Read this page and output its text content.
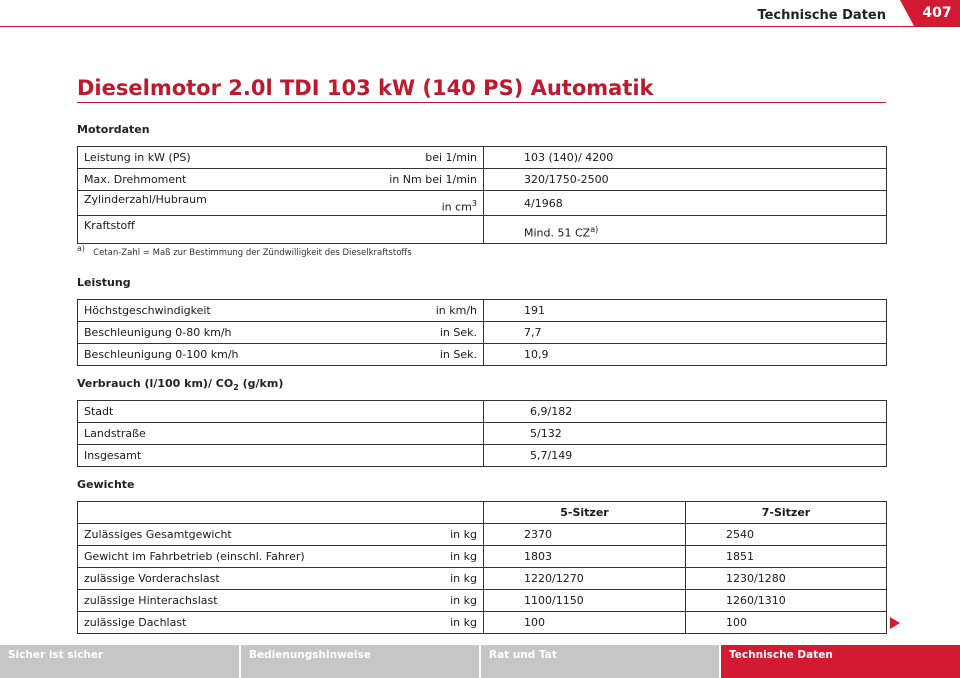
Technische Daten	407
Dieselmotor 2.0l TDI 103 kW (140 PS) Automatik
Motordaten
Leistung in kW (PS) bei 1/min	103 (140)/ 4200
Max. Drehmoment in Nm bei 1/min	320/1750-2500
Zylinderzahl/Hubraum
in $cm^3$	4/1968
Kraftstoff	Mind. 51 CZ$^{a)}$
$^{a)}$ Cetan-Zahl = Maß zur Bestimmung der Zündwilligkeit des Dieselkraftstoffs
Leistung
Höchstgeschwindigkeit in km/h	191
Beschleunigung 0-80 km/h in Sek.	7,7
Beschleunigung 0-100 km/h in Sek.	10,9
Verbrauch (l/100 km)/ $CO_2$ (g/km)
Stadt	6,9/182
Landstraße	5/132
Insgesamt	5,7/149
Gewichte
	5-Sitzer	7-Sitzer
Zulässiges Gesamtgewicht in kg	2370	2540
Gewicht im Fahrbetrieb (einschl. Fahrer) in kg	1803	1851
zulässige Vorderachslast in kg	1220/1270	1230/1280
zulässige Hinterachslast in kg	1100/1150	1260/1310
zulässige Dachlast in kg	100	100
Sicher ist sicher	Bedienungshinweise	Rat und Tat	Technische Daten
